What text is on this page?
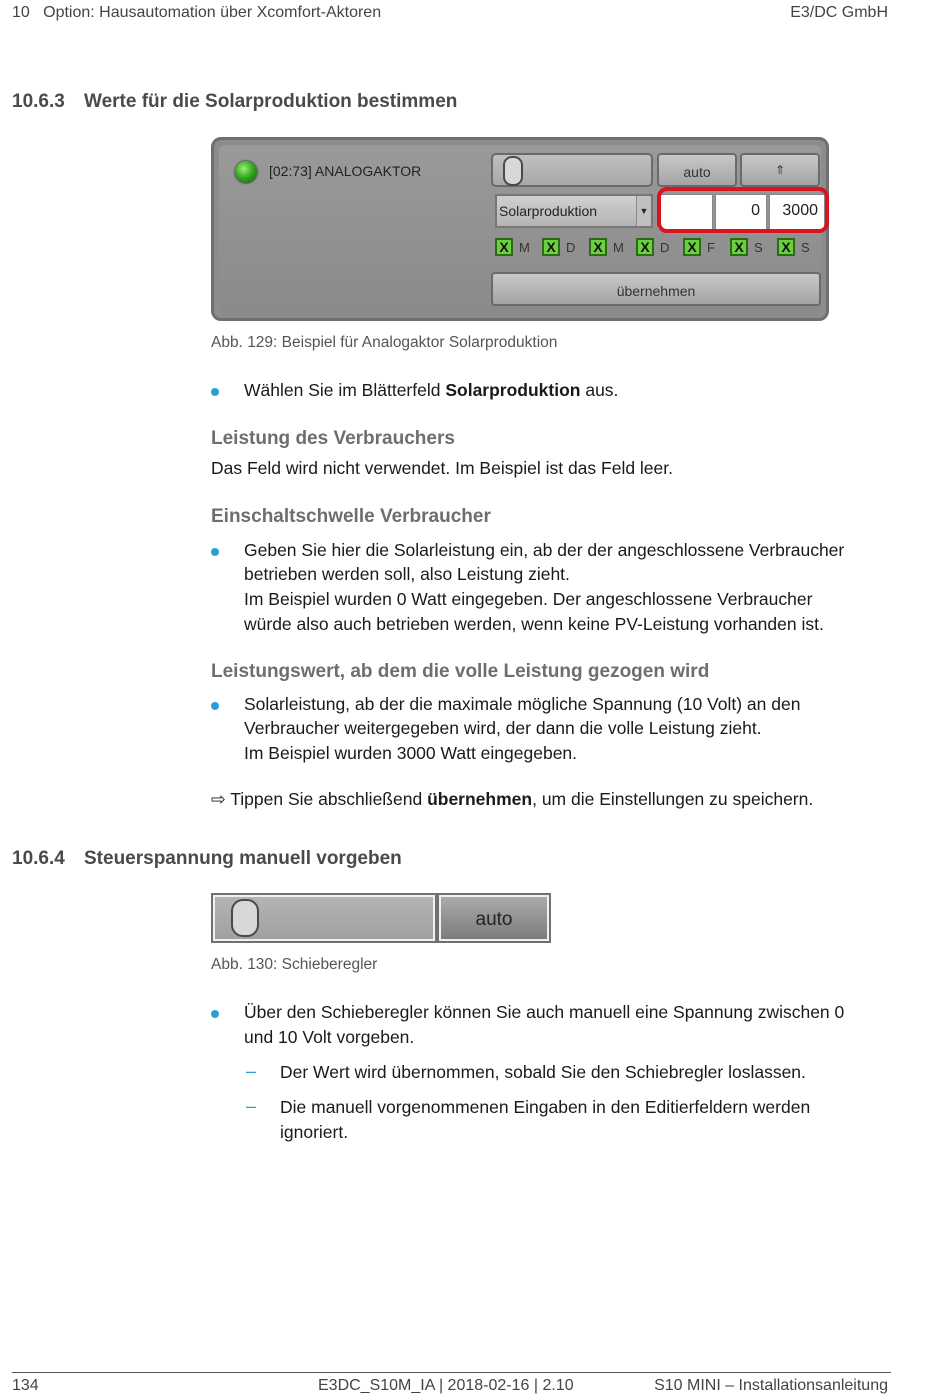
10 Option: Hausautomation über Xcomfort-Aktoren	E3/DC GmbH
10.6.3 Werte für die Solarproduktion bestimmen
[02:73] ANALOGAKTOR	auto	⇑
Solarproduktion	▼	0	3000
X M	X D	X M	X D	X F	X S	X S
übernehmen
Abb. 129: Beispiel für Analogaktor Solarproduktion
Wählen Sie im Blätterfeld Solarproduktion aus.
Leistung des Verbrauchers
Das Feld wird nicht verwendet. Im Beispiel ist das Feld leer.
Einschaltschwelle Verbraucher
Geben Sie hier die Solarleistung ein, ab der der angeschlossene Verbraucher
betrieben werden soll, also Leistung zieht.
Im Beispiel wurden 0 Watt eingegeben. Der angeschlossene Verbraucher
würde also auch betrieben werden, wenn keine PV-Leistung vorhanden ist.
Leistungswert, ab dem die volle Leistung gezogen wird
Solarleistung, ab der die maximale mögliche Spannung (10 Volt) an den
Verbraucher weitergegeben wird, der dann die volle Leistung zieht.
Im Beispiel wurden 3000 Watt eingegeben.
⇨ Tippen Sie abschließend übernehmen, um die Einstellungen zu speichern.
10.6.4 Steuerspannung manuell vorgeben
auto
Abb. 130: Schieberegler
Über den Schieberegler können Sie auch manuell eine Spannung zwischen 0
und 10 Volt vorgeben.
– Der Wert wird übernommen, sobald Sie den Schiebregler loslassen.
– Die manuell vorgenommenen Eingaben in den Editierfeldern werden
ignoriert.
134	E3DC_S10M_IA | 2018-02-16 | 2.10	S10 MINI – Installationsanleitung
